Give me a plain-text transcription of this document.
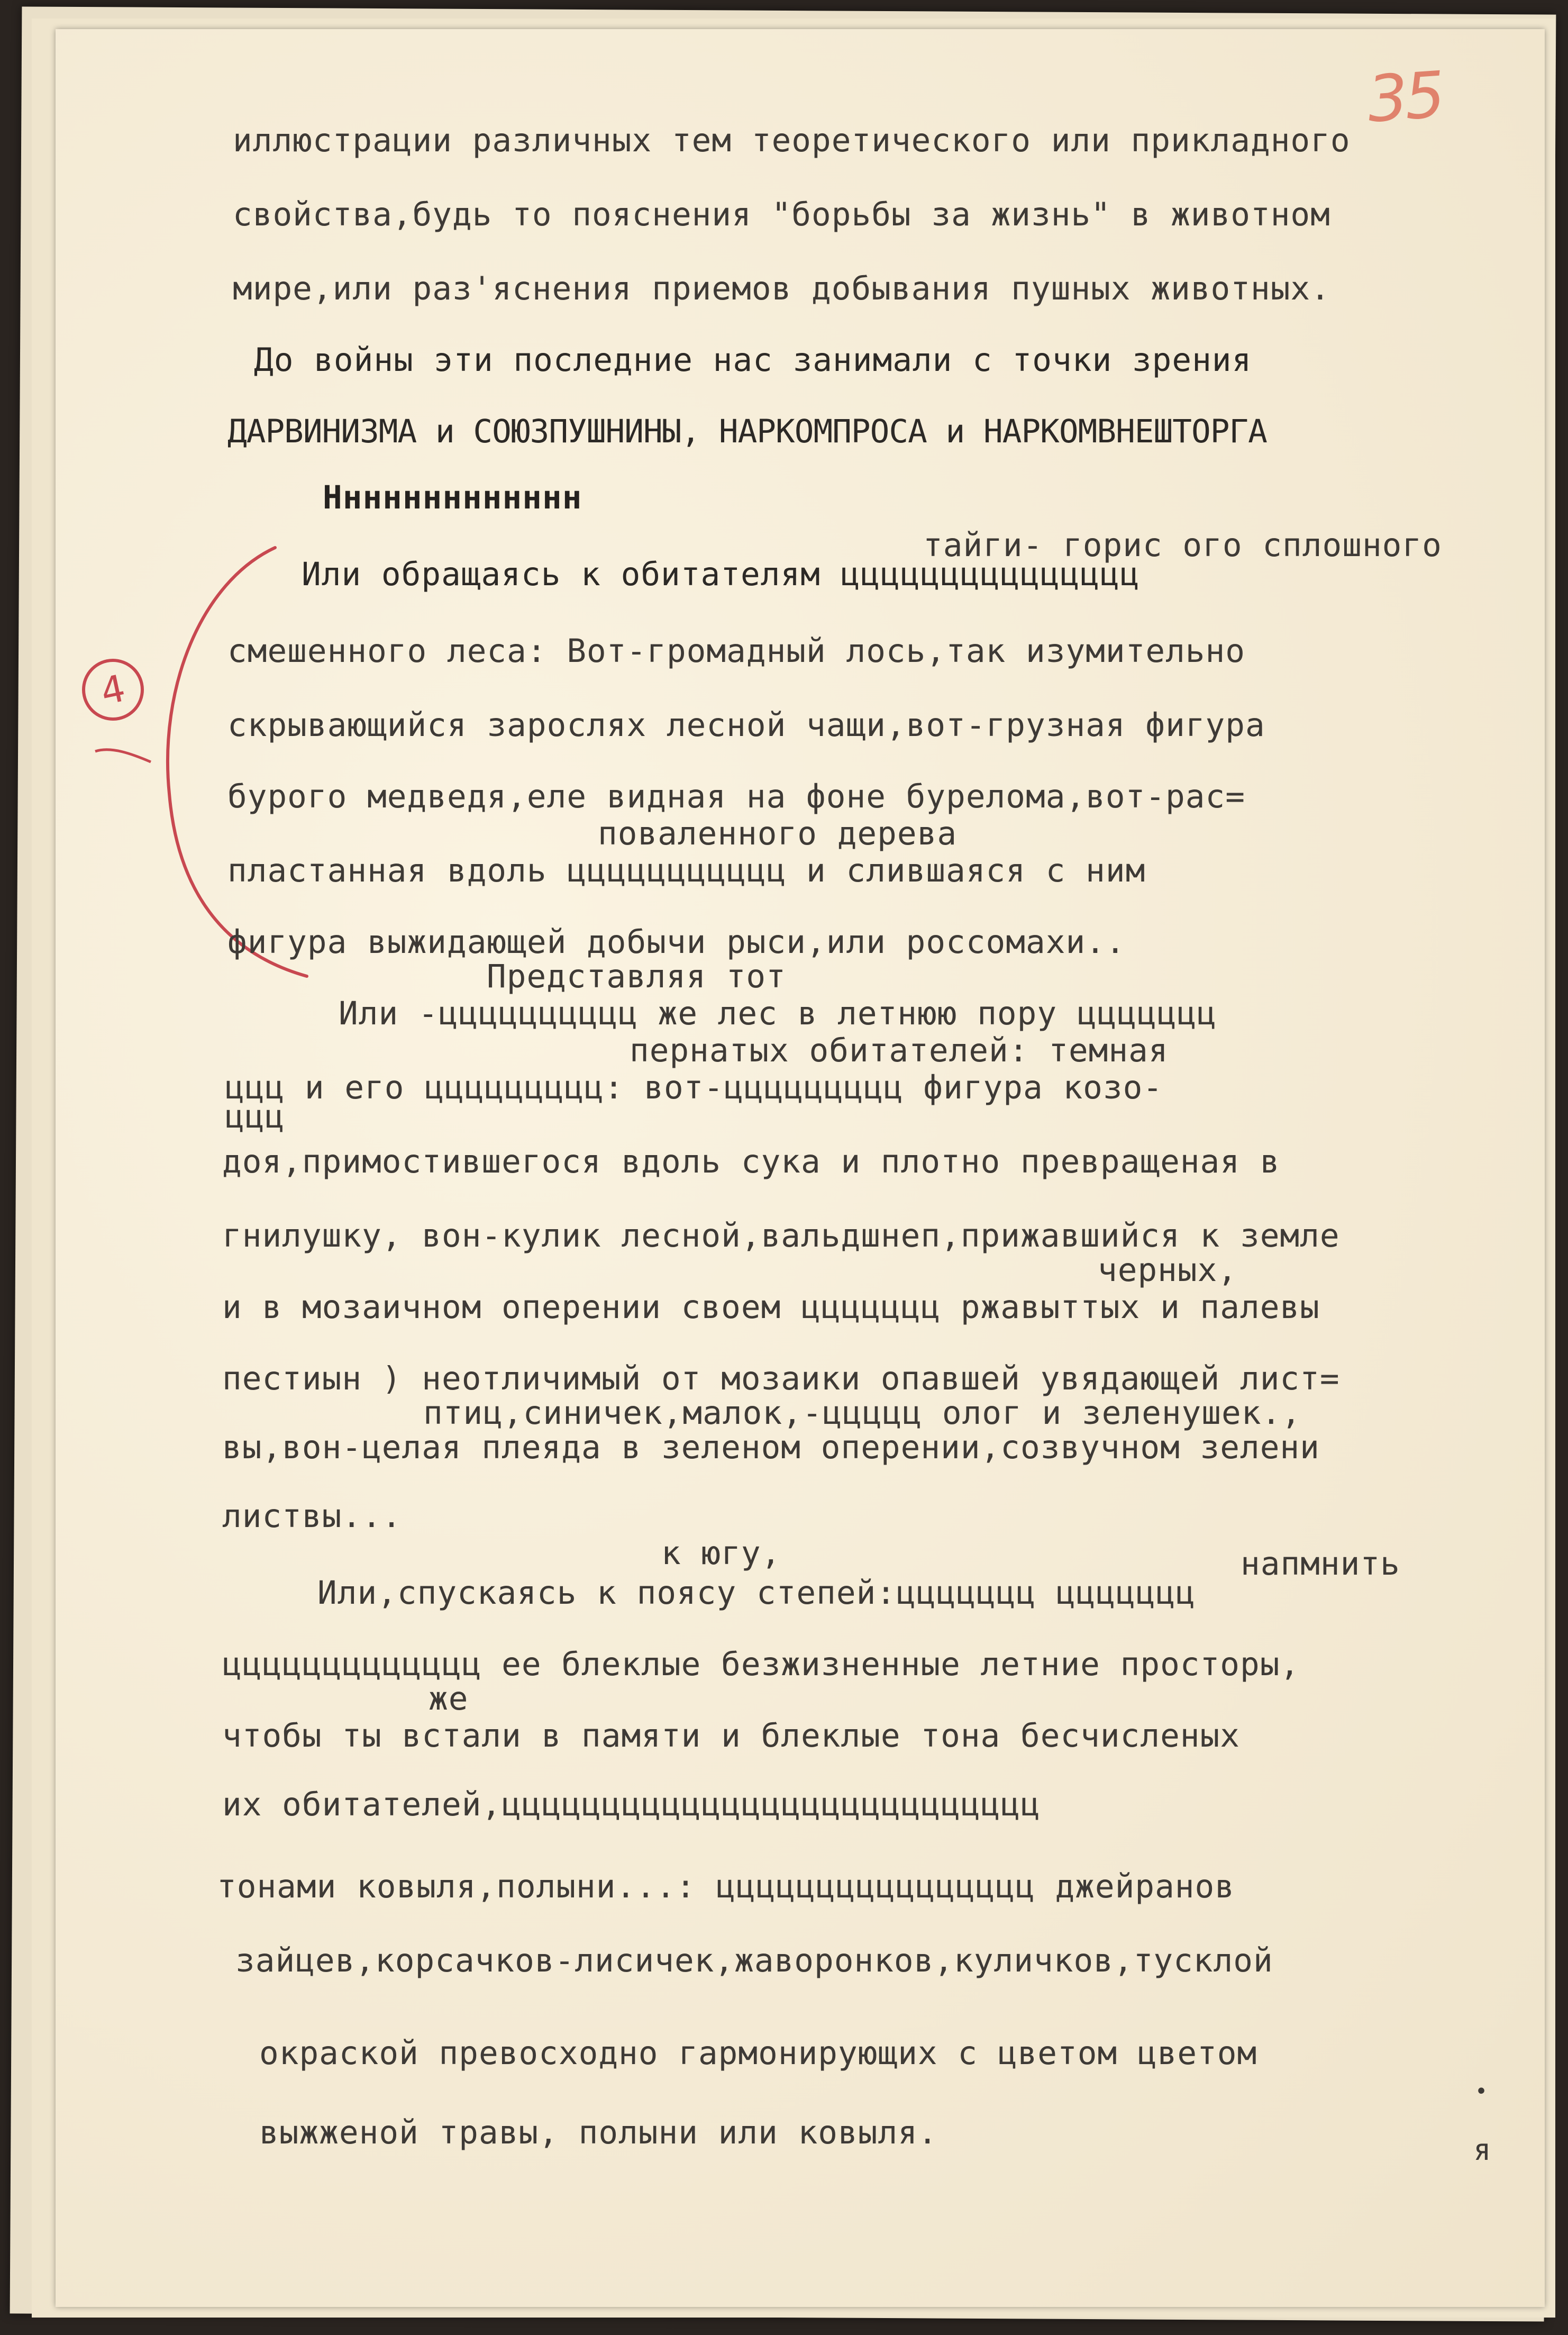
35
4

иллюстрации различных тем теоретического или прикладного

свойства,будь то пояснения "борьбы за жизнь" в животном

мире,или раз'яснения приемов добывания пушных животных.

До войны эти последние нас занимали с точки зрения

ДАРВИНИЗМА и СОЮЗПУШНИНЫ, НАРКОМПРОСА и НАРКОМВНЕШТОРГА

Ннннннннннннн

тайги- горис ого сплошного

Или обращаясь к обитателям ццццццццццццццц

смешенного леса: Вот-громадный лось,так изумительно

скрывающийся зарослях лесной чащи,вот-грузная фигура

бурого медведя,еле видная на фоне бурелома,вот-рас=

поваленного дерева

пластанная вдоль ццццццццццц и слившаяся с ним

фигура выжидающей добычи рыси,или россомахи..

Представляя тот

Или -цццццццццц же лес в летнюю пору ццццццц

пернатых обитателей: темная

ццц и его ццццццццц: вот-ццццццццц фигура козо-

ццц

доя,примостившегося вдоль сука и плотно превращеная в

гнилушку, вон-кулик лесной,вальдшнеп,прижавшийся к земле

черных,

и в мозаичном оперении своем ццццццц ржавыттых и палевы

пестиын ) неотличимый от мозаики опавшей увядающей лист=

птиц,синичек,малок,-ццццц олог и зеленушек.,

вы,вон-целая плеяда в зеленом оперении,созвучном зелени

листвы...

к югу,	напмнить

Или,спускаясь к поясу степей:ццццццц ццццццц

ццццццццццццц ее блеклые безжизненные летние просторы,

же

чтобы ты встали в памяти и блеклые тона бесчисленых

их обитателей,ццццццццццццццццццццццццццц

тонами ковыля,полыни...: цццццццццццццццц джейранов

зайцев,корсачков-лисичек,жаворонков,куличков,тусклой

окраской превосходно гармонирующих с цветом цветом

выжженой травы, полыни или ковыля.	я

•
